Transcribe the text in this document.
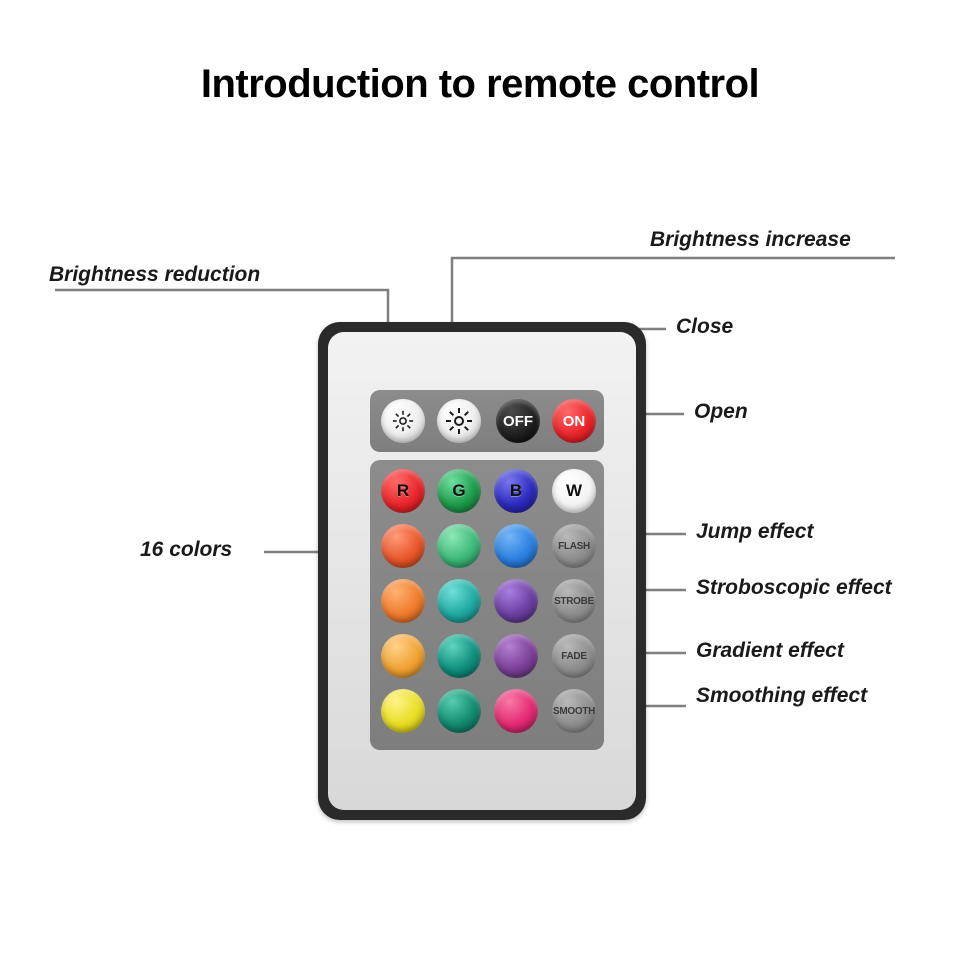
Introduction to remote control
OFF	ON
R	G	B	W
FLASH
STROBE
FADE
SMOOTH
Brightness reduction
Brightness increase
Close
Open
16 colors
Jump effect
Stroboscopic effect
Gradient effect
Smoothing effect
